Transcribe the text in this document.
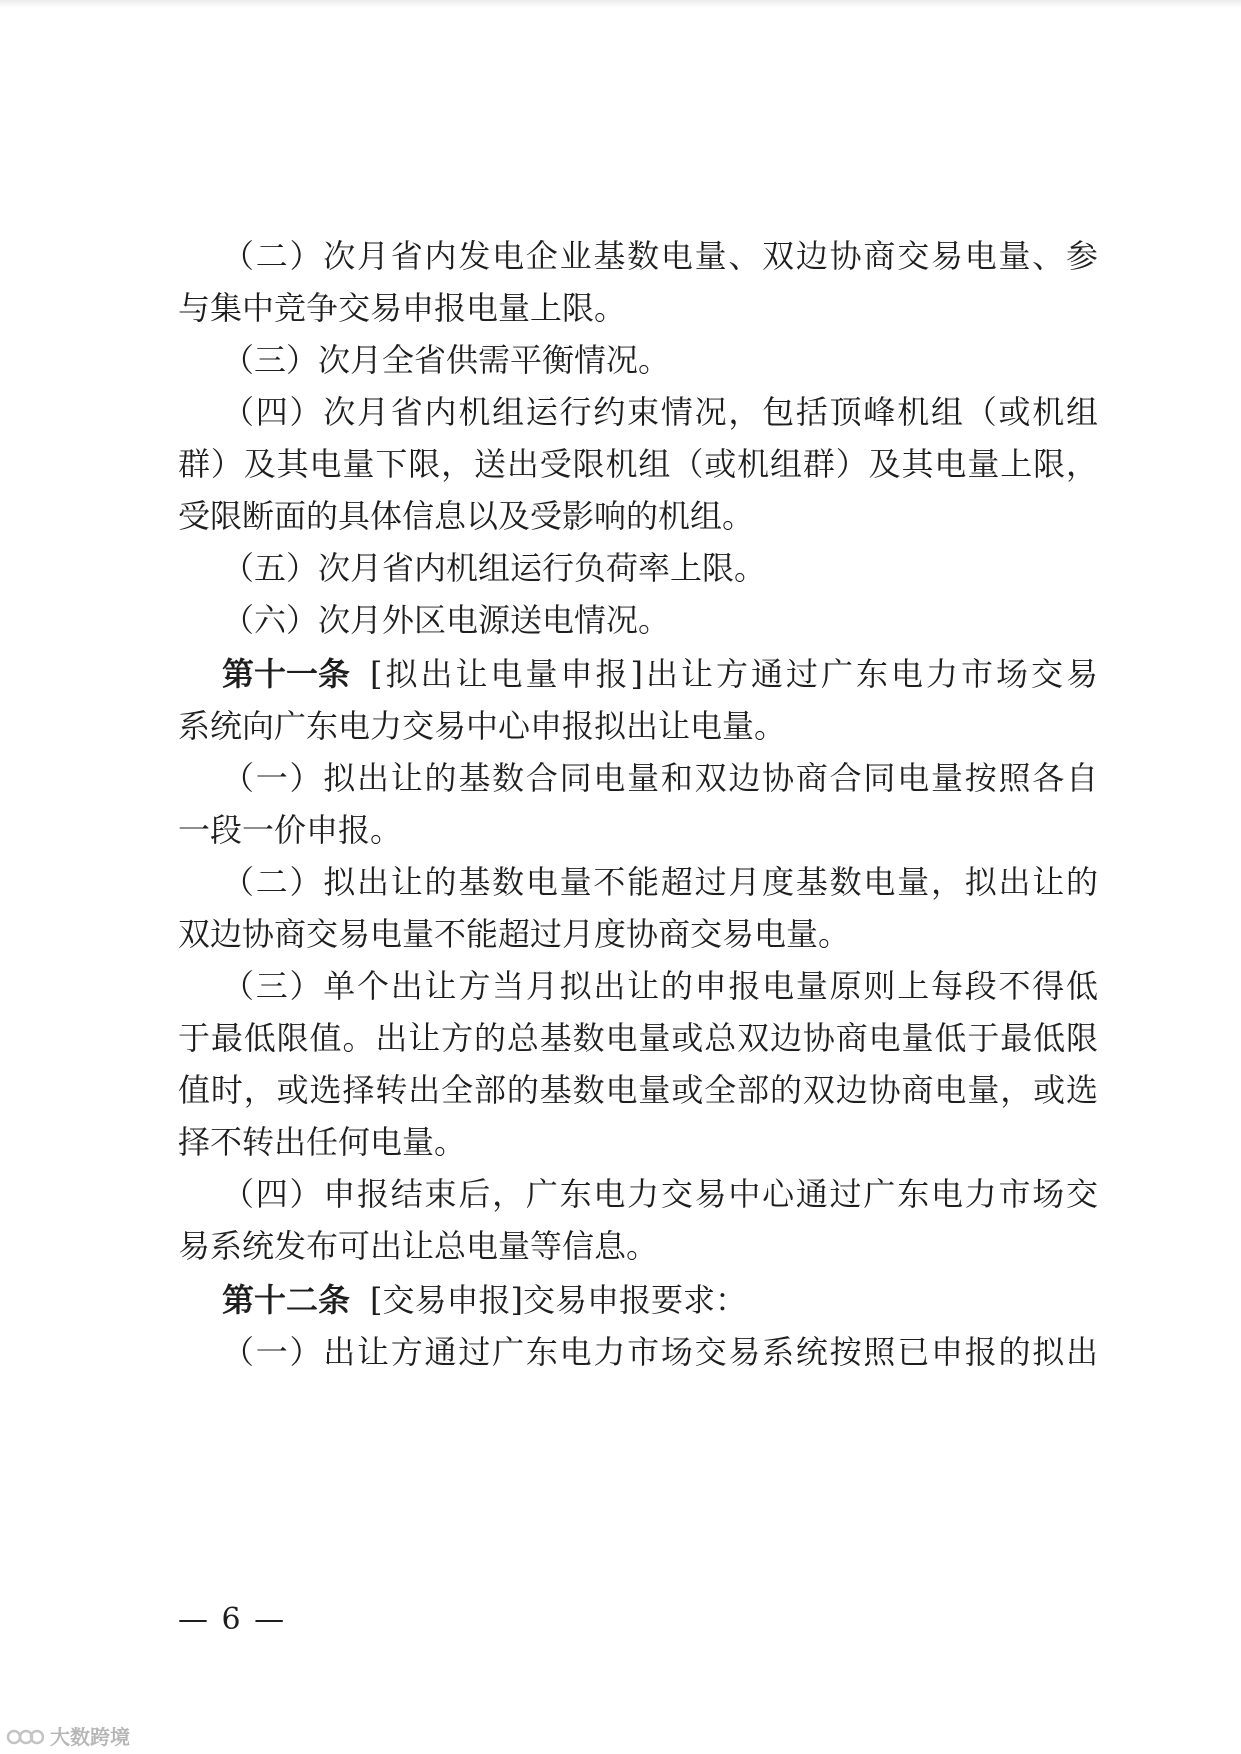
（二）次月省内发电企业基数电量、双边协商交易电量、参
与集中竞争交易申报电量上限。
（三）次月全省供需平衡情况。
（四）次月省内机组运行约束情况，包括顶峰机组（或机组
群）及其电量下限，送出受限机组（或机组群）及其电量上限，
受限断面的具体信息以及受影响的机组。
（五）次月省内机组运行负荷率上限。
（六）次月外区电源送电情况。
第十一条 [拟出让电量申报]出让方通过广东电力市场交易
系统向广东电力交易中心申报拟出让电量。
（一）拟出让的基数合同电量和双边协商合同电量按照各自
一段一价申报。
（二）拟出让的基数电量不能超过月度基数电量，拟出让的
双边协商交易电量不能超过月度协商交易电量。
（三）单个出让方当月拟出让的申报电量原则上每段不得低
于最低限值。出让方的总基数电量或总双边协商电量低于最低限
值时，或选择转出全部的基数电量或全部的双边协商电量，或选
择不转出任何电量。
（四）申报结束后，广东电力交易中心通过广东电力市场交
易系统发布可出让总电量等信息。
第十二条 [交易申报]交易申报要求：
（一）出让方通过广东电力市场交易系统按照已申报的拟出
— 6 —
大数跨境
